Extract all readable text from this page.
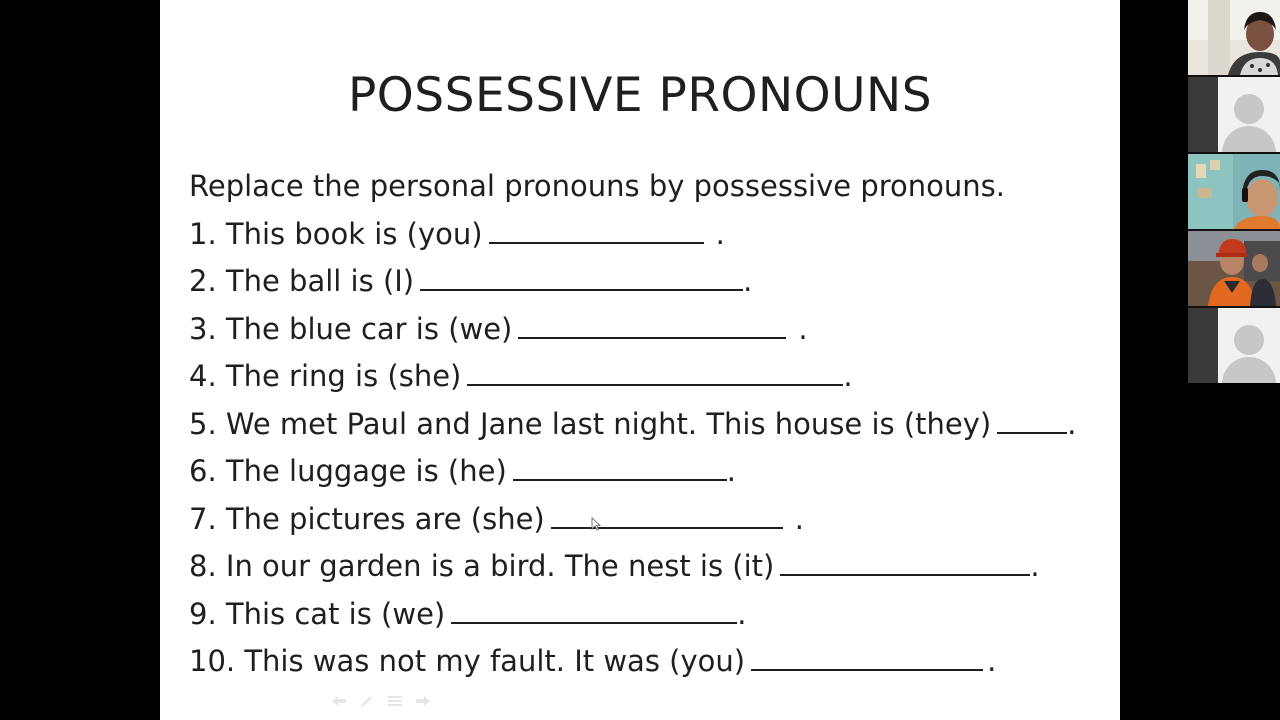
POSSESSIVE PRONOUNS
Replace the personal pronouns by possessive pronouns.
1. This book is (you)	.
2. The ball is (I)	.
3. The blue car is (we)	.
4. The ring is (she)	.
5. We met Paul and Jane last night. This house is (they)	.
6. The luggage is (he)	.
7. The pictures are (she)	.
8. In our garden is a bird. The nest is (it)	.
9. This cat is (we)	.
10. This was not my fault. It was (you)	.
